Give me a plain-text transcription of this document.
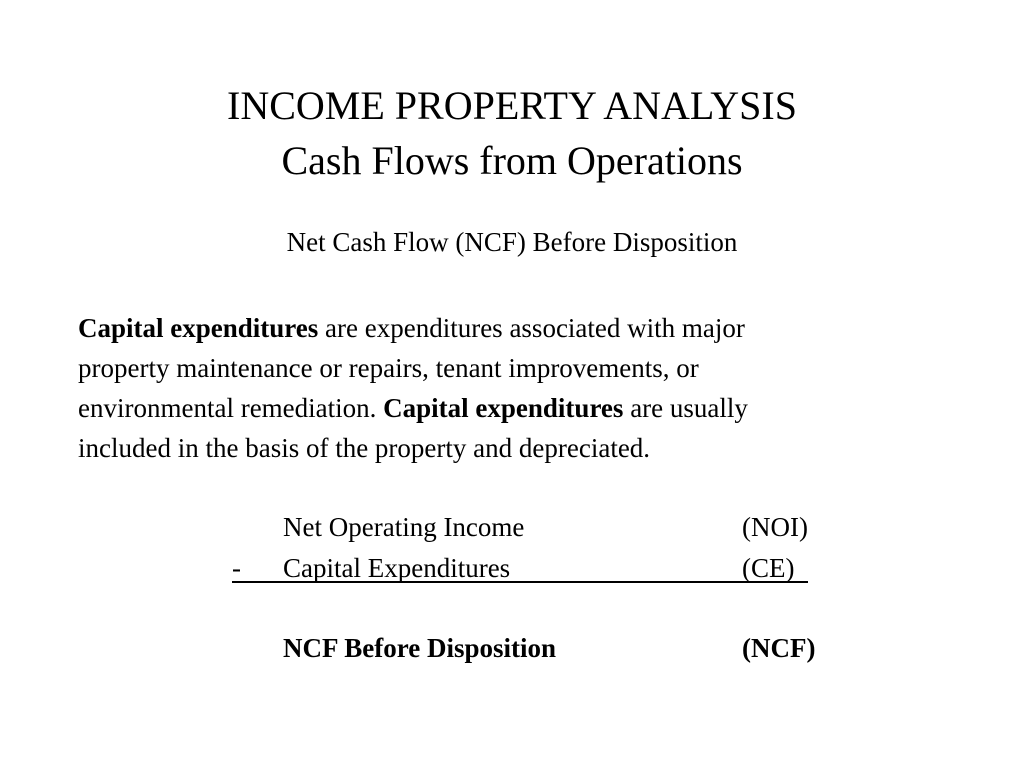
INCOME PROPERTY ANALYSIS
Cash Flows from Operations
Net Cash Flow (NCF) Before Disposition
Capital expenditures are expenditures associated with major
property maintenance or repairs, tenant improvements, or
environmental remediation. Capital expenditures are usually
included in the basis of the property and depreciated.
Net Operating Income	(NOI)
- Capital Expenditures	(CE)
NCF Before Disposition	(NCF)
